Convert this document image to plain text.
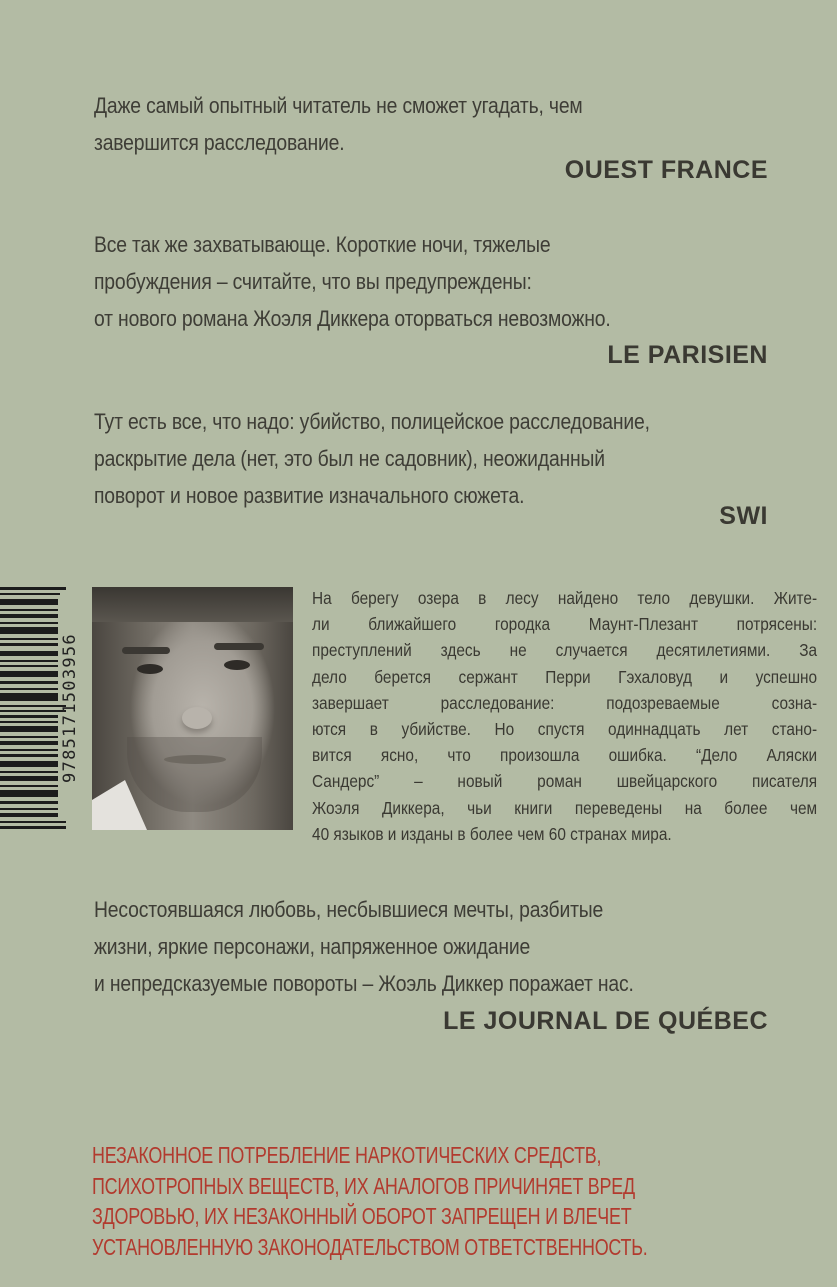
Даже самый опытный читатель не сможет угадать, чем
завершится расследование.
OUEST FRANCE
Все так же захватывающе. Короткие ночи, тяжелые
пробуждения – считайте, что вы предупреждены:
от нового романа Жоэля Диккера оторваться невозможно.
LE PARISIEN
Тут есть все, что надо: убийство, полицейское расследование,
раскрытие дела (нет, это был не садовник), неожиданный
поворот и новое развитие изначального сюжета.
SWI
9785171503956
На берегу озера в лесу найдено тело девушки. Жите-
ли ближайшего городка Маунт-Плезант потрясены:
преступлений здесь не случается десятилетиями. За
дело берется сержант Перри Гэхаловуд и успешно
завершает расследование: подозреваемые созна-
ются в убийстве. Но спустя одиннадцать лет стано-
вится ясно, что произошла ошибка. “Дело Аляски
Сандерс” – новый роман швейцарского писателя
Жоэля Диккера, чьи книги переведены на более чем
40 языков и изданы в более чем 60 странах мира.
Несостоявшаяся любовь, несбывшиеся мечты, разбитые
жизни, яркие персонажи, напряженное ожидание
и непредсказуемые повороты – Жоэль Диккер поражает нас.
LE JOURNAL DE QUÉBEC
НЕЗАКОННОЕ ПОТРЕБЛЕНИЕ НАРКОТИЧЕСКИХ СРЕДСТВ,
ПСИХОТРОПНЫХ ВЕЩЕСТВ, ИХ АНАЛОГОВ ПРИЧИНЯЕТ ВРЕД
ЗДОРОВЬЮ, ИХ НЕЗАКОННЫЙ ОБОРОТ ЗАПРЕЩЕН И ВЛЕЧЕТ
УСТАНОВЛЕННУЮ ЗАКОНОДАТЕЛЬСТВОМ ОТВЕТСТВЕННОСТЬ.
